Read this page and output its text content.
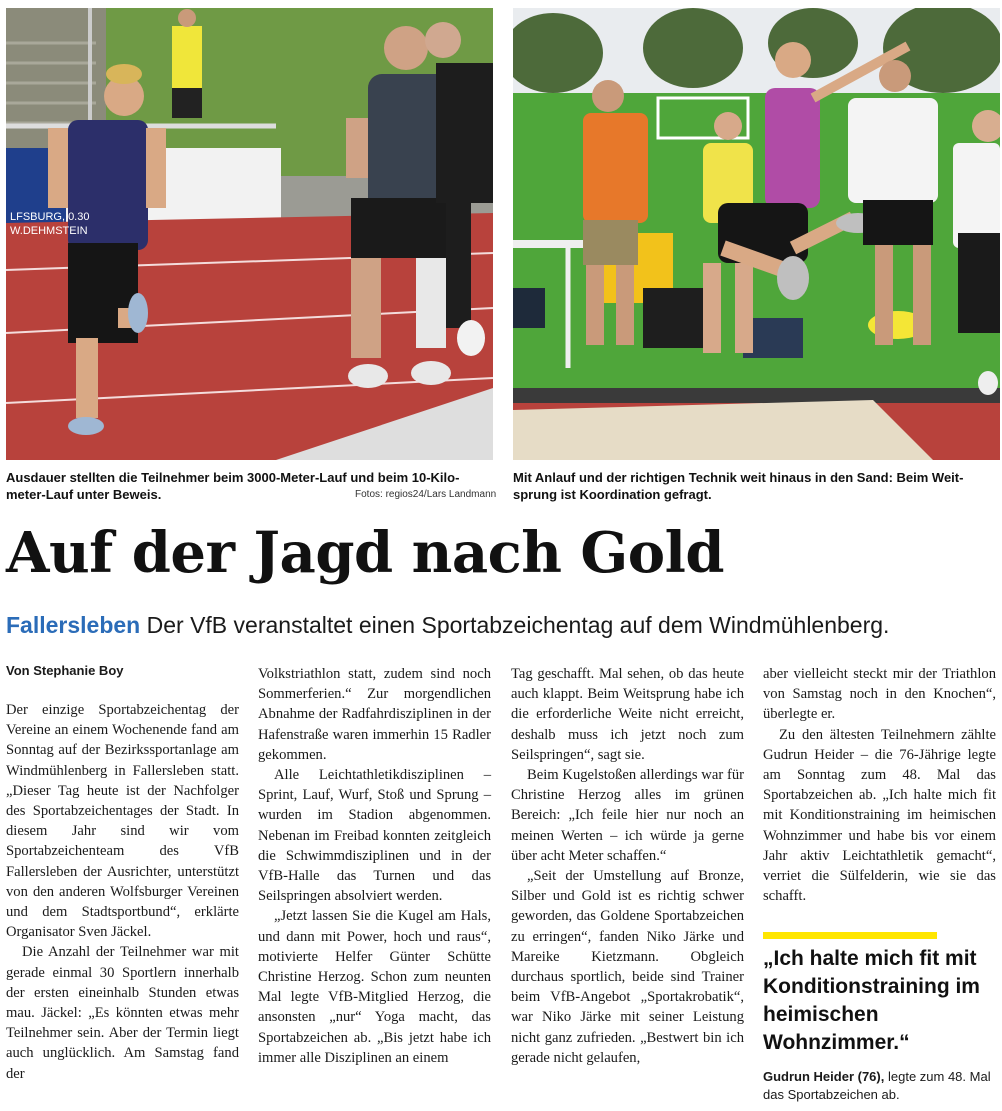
LFSBURG, 0.30
W.DEHMSTEIN
Ausdauer stellten die Teilnehmer beim 3000-Meter-Lauf und beim 10-Kilo-meter-Lauf unter Beweis.	Fotos: regios24/Lars Landmann
Mit Anlauf und der richtigen Technik weit hinaus in den Sand: Beim Weit-sprung ist Koordination gefragt.
Auf der Jagd nach Gold
Fallersleben Der VfB veranstaltet einen Sportabzeichentag auf dem Windmühlenberg.
Von Stephanie Boy

Der einzige Sportabzeichentag der Vereine an einem Wochenende fand am Sonntag auf der Bezirkssportanlage am Windmühlenberg in Fallersleben statt. „Dieser Tag heute ist der Nachfolger des Sportabzeichentages der Stadt. In diesem Jahr sind wir vom Sportabzeichenteam des VfB Fallersleben der Ausrichter, unterstützt von den anderen Wolfsburger Vereinen und dem Stadtsportbund“, erklärte Organisator Sven Jäckel.

Die Anzahl der Teilnehmer war mit gerade einmal 30 Sportlern innerhalb der ersten eineinhalb Stunden etwas mau. Jäckel: „Es könnten etwas mehr Teilnehmer sein. Aber der Termin liegt auch unglücklich. Am Samstag fand der

Volkstriathlon statt, zudem sind noch Sommerferien.“ Zur morgendlichen Abnahme der Radfahrdisziplinen in der Hafenstraße waren immerhin 15 Radler gekommen.

Alle Leichtathletikdisziplinen – Sprint, Lauf, Wurf, Stoß und Sprung – wurden im Stadion abgenommen. Nebenan im Freibad konnten zeitgleich die Schwimmdisziplinen und in der VfB-Halle das Turnen und das Seilspringen absolviert werden.

„Jetzt lassen Sie die Kugel am Hals, und dann mit Power, hoch und raus“, motivierte Helfer Günter Schütte Christine Herzog. Schon zum neunten Mal legte VfB-Mitglied Herzog, die ansonsten „nur“ Yoga macht, das Sportabzeichen ab. „Bis jetzt habe ich immer alle Disziplinen an einem

Tag geschafft. Mal sehen, ob das heute auch klappt. Beim Weitsprung habe ich die erforderliche Weite nicht erreicht, deshalb muss ich jetzt noch zum Seilspringen“, sagt sie.

Beim Kugelstoßen allerdings war für Christine Herzog alles im grünen Bereich: „Ich feile hier nur noch an meinen Werten – ich würde ja gerne über acht Meter schaffen.“

„Seit der Umstellung auf Bronze, Silber und Gold ist es richtig schwer geworden, das Goldene Sportabzeichen zu erringen“, fanden Niko Järke und Mareike Kietzmann. Obgleich durchaus sportlich, beide sind Trainer beim VfB-Angebot „Sportakrobatik“, war Niko Järke mit seiner Leistung nicht ganz zufrieden. „Bestwert bin ich gerade nicht gelaufen,

aber vielleicht steckt mir der Triathlon von Samstag noch in den Knochen“, überlegte er.

Zu den ältesten Teilnehmern zählte Gudrun Heider – die 76-Jährige legte am Sonntag zum 48. Mal das Sportabzeichen ab. „Ich halte mich fit mit Konditionstraining im heimischen Wohnzimmer und habe bis vor einem Jahr aktiv Leichtathletik gemacht“, verriet die Sülfelderin, wie sie das schafft.

„Ich halte mich fit mit Konditionstraining im heimischen Wohnzimmer.“
Gudrun Heider (76), legte zum 48. Mal das Sportabzeichen ab.
